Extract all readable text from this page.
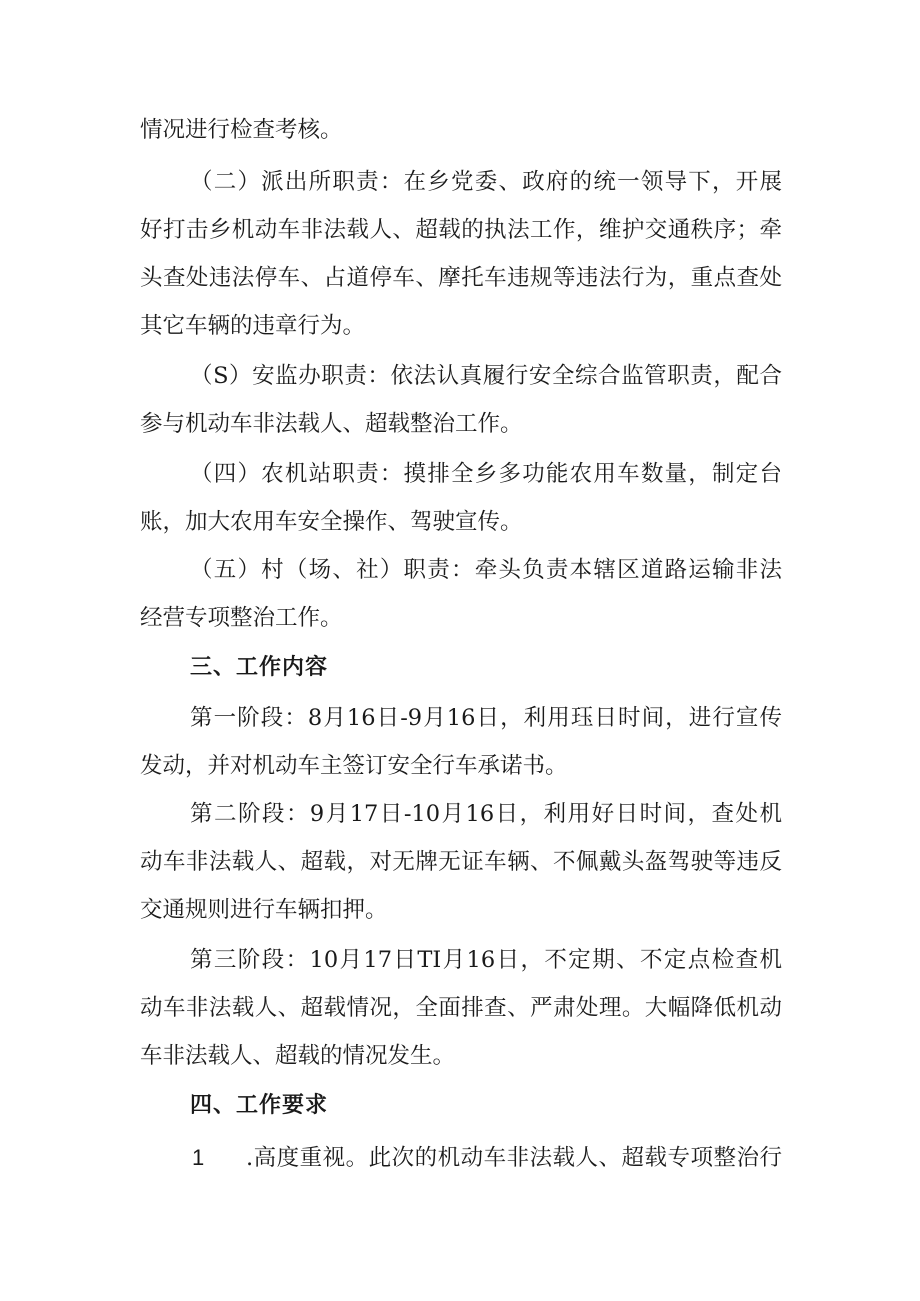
情况进行检查考核。
（二）派出所职责：在乡党委、政府的统一领导下，开展
好打击乡机动车非法载人、超载的执法工作，维护交通秩序；牵
头查处违法停车、占道停车、摩托车违规等违法行为，重点查处
其它车辆的违章行为。
（S）安监办职责：依法认真履行安全综合监管职责，配合
参与机动车非法载人、超载整治工作。
（四）农机站职责：摸排全乡多功能农用车数量，制定台
账，加大农用车安全操作、驾驶宣传。
（五）村（场、社）职责：牵头负责本辖区道路运输非法
经营专项整治工作。
三、工作内容
第一阶段：8月16日-9月16日，利用珏日时间，进行宣传
发动，并对机动车主签订安全行车承诺书。
第二阶段：9月17日-10月16日，利用好日时间，查处机
动车非法载人、超载，对无牌无证车辆、不佩戴头盔驾驶等违反
交通规则进行车辆扣押。
第三阶段：10月17日TI月16日，不定期、不定点检查机
动车非法载人、超载情况，全面排查、严肃处理。大幅降低机动
车非法载人、超载的情况发生。
四、工作要求
1 .高度重视。此次的机动车非法载人、超载专项整治行
